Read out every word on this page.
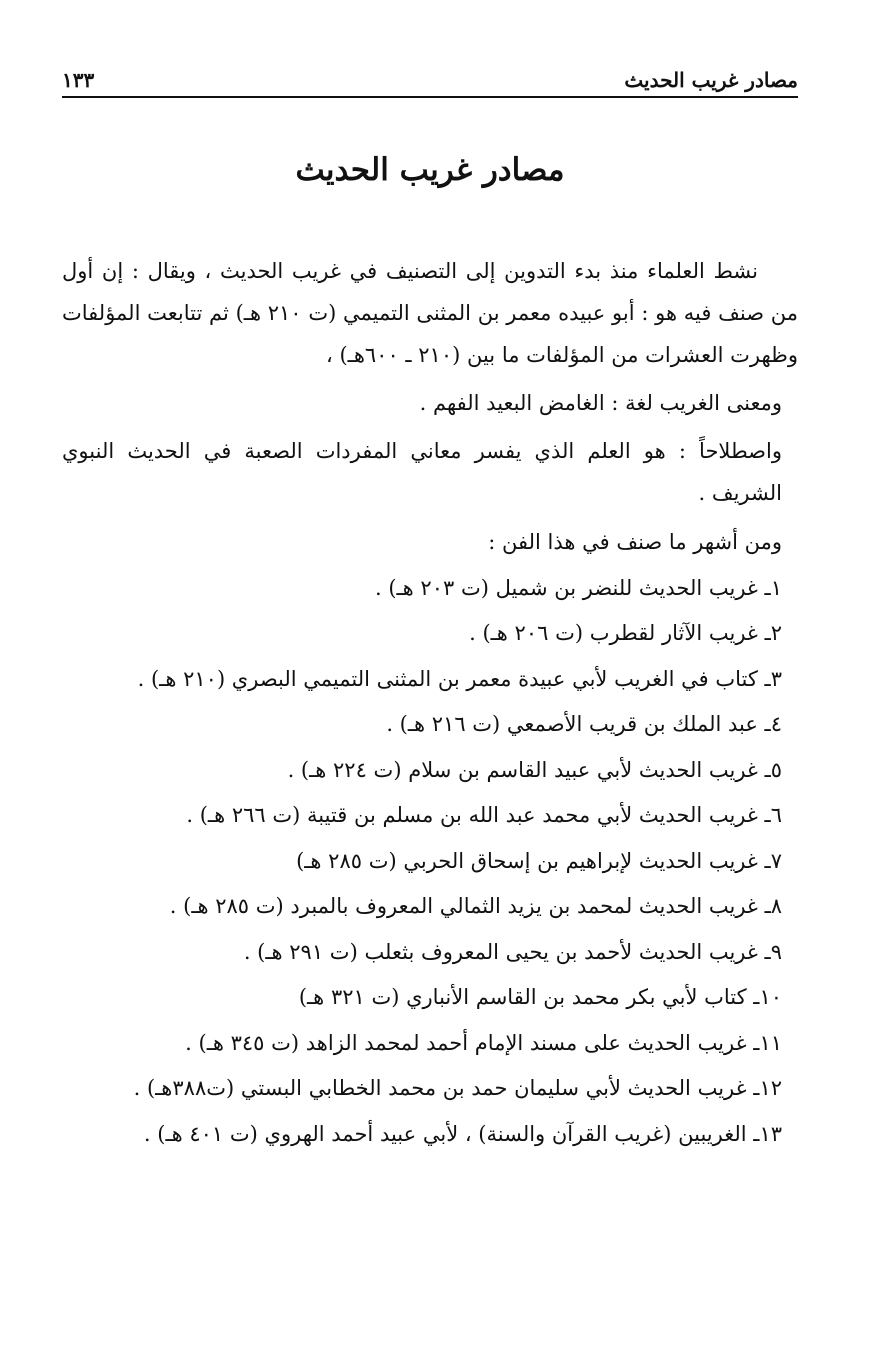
مصادر غريب الحديث
١٣٣
مصادر غريب الحديث

نشط العلماء منذ بدء التدوين إلى التصنيف في غريب الحديث ، ويقال : إن أول من صنف فيه هو : أبو عبيده معمر بن المثنى التميمي (ت ٢١٠ هـ) ثم تتابعت المؤلفات وظهرت العشرات من المؤلفات ما بين (٢١٠ ـ ٦٠٠هـ) ،

ومعنى الغريب لغة : الغامض البعيد الفهم .

واصطلاحاً : هو العلم الذي يفسر معاني المفردات الصعبة في الحديث النبوي الشريف .

ومن أشهر ما صنف في هذا الفن :

١ـ غريب الحديث للنضر بن شميل (ت ٢٠٣ هـ) .
٢ـ غريب الآثار لقطرب (ت ٢٠٦ هـ) .
٣ـ كتاب في الغريب لأبي عبيدة معمر بن المثنى التميمي البصري (٢١٠ هـ) .
٤ـ عبد الملك بن قريب الأصمعي (ت ٢١٦ هـ) .
٥ـ غريب الحديث لأبي عبيد القاسم بن سلام (ت ٢٢٤ هـ) .
٦ـ غريب الحديث لأبي محمد عبد الله بن مسلم بن قتيبة (ت ٢٦٦ هـ) .
٧ـ غريب الحديث لإبراهيم بن إسحاق الحربي (ت ٢٨٥ هـ)
٨ـ غريب الحديث لمحمد بن يزيد الثمالي المعروف بالمبرد (ت ٢٨٥ هـ) .
٩ـ غريب الحديث لأحمد بن يحيى المعروف بثعلب (ت ٢٩١ هـ) .
١٠ـ كتاب لأبي بكر محمد بن القاسم الأنباري (ت ٣٢١ هـ)
١١ـ غريب الحديث على مسند الإمام أحمد لمحمد الزاهد (ت ٣٤٥ هـ) .
١٢ـ غريب الحديث لأبي سليمان حمد بن محمد الخطابي البستي (ت٣٨٨هـ) .
١٣ـ الغريبين (غريب القرآن والسنة) ، لأبي عبيد أحمد الهروي (ت ٤٠١ هـ) .
